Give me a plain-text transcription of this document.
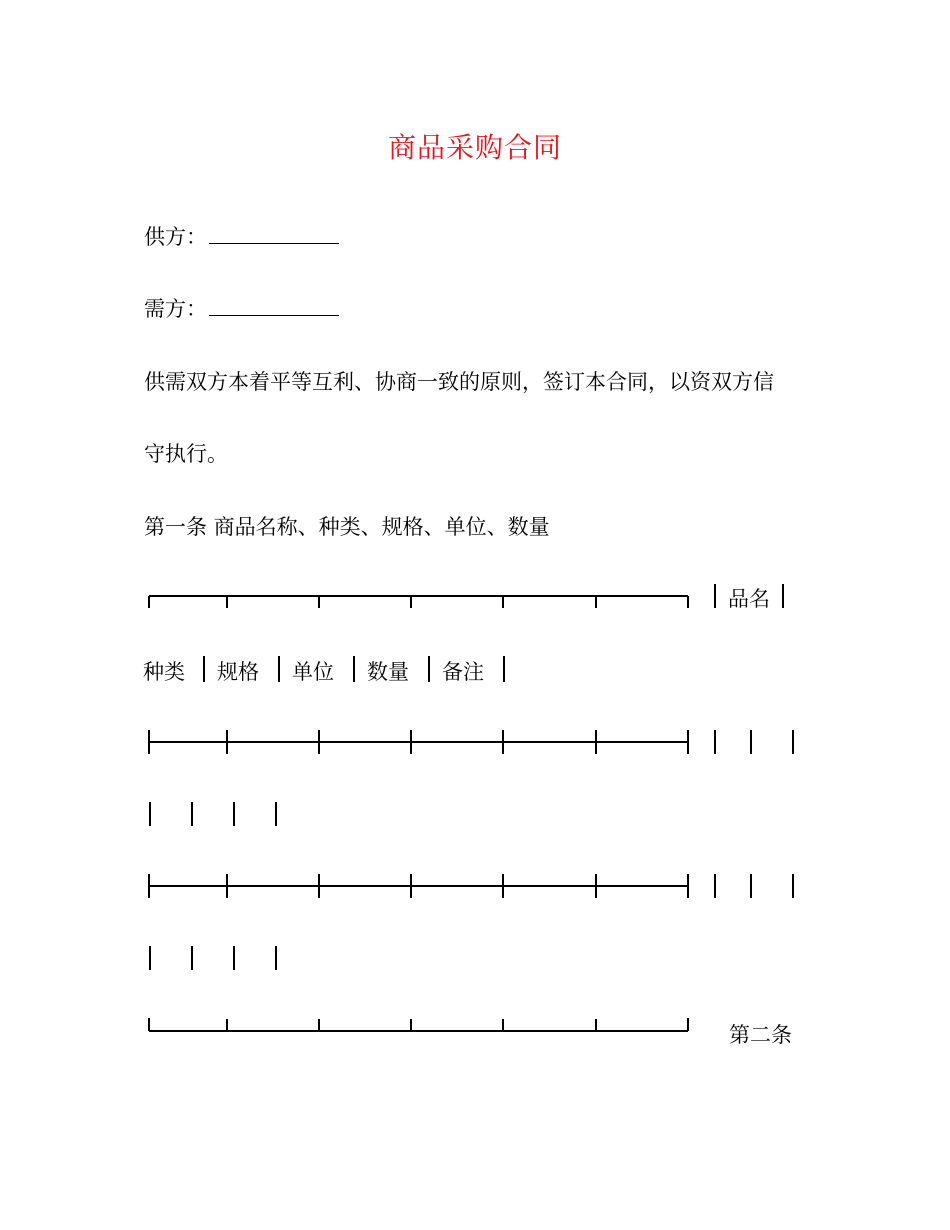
商品采购合同
供方：
需方：
供需双方本着平等互利、协商一致的原则，签订本合同，以资双方信
守执行。
第一条 商品名称、种类、规格、单位、数量
品名
种类 规格 单位 数量 备注
第二条
